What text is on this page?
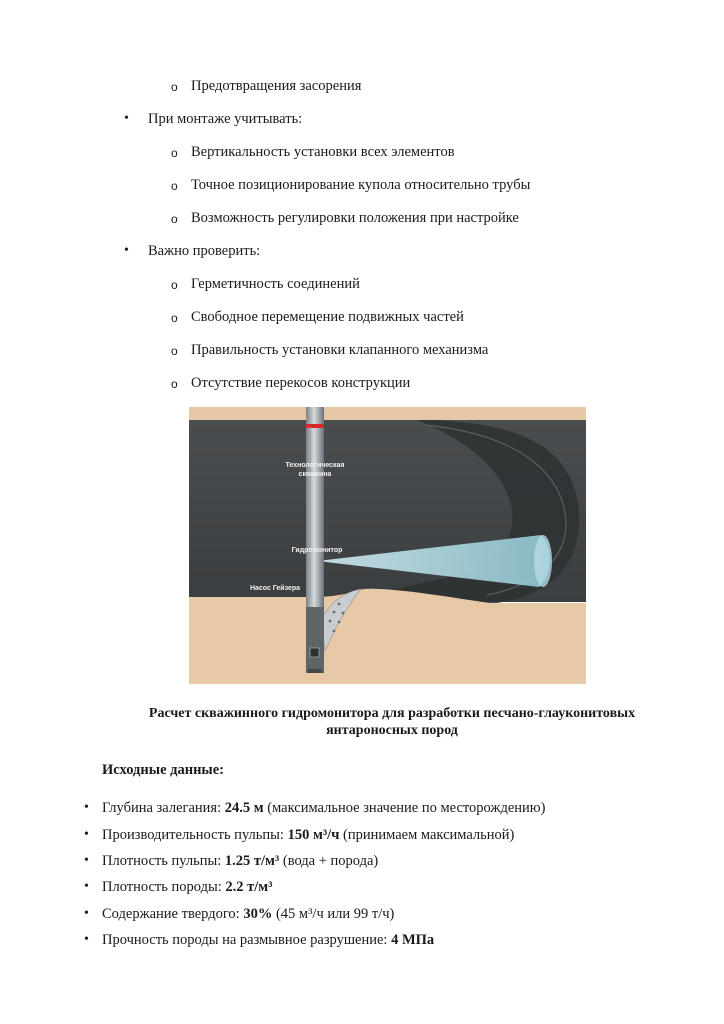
o Предотвращения засорения
• При монтаже учитывать:
o Вертикальность установки всех элементов
o Точное позиционирование купола относительно трубы
o Возможность регулировки положения при настройке
• Важно проверить:
o Герметичность соединений
o Свободное перемещение подвижных частей
o Правильность установки клапанного механизма
o Отсутствие перекосов конструкции
Технологическая
скважина
Гидромонитор
Насос Гейзера
Расчет скважинного гидромонитора для разработки песчано-глауконитовых
янтароносных пород
Исходные данные:
• Глубина залегания: 24.5 м (максимальное значение по месторождению)
• Производительность пульпы: 150 м³/ч (принимаем максимальной)
• Плотность пульпы: 1.25 т/м³ (вода + порода)
• Плотность породы: 2.2 т/м³
• Содержание твердого: 30% (45 м³/ч или 99 т/ч)
• Прочность породы на размывное разрушение: 4 МПа
